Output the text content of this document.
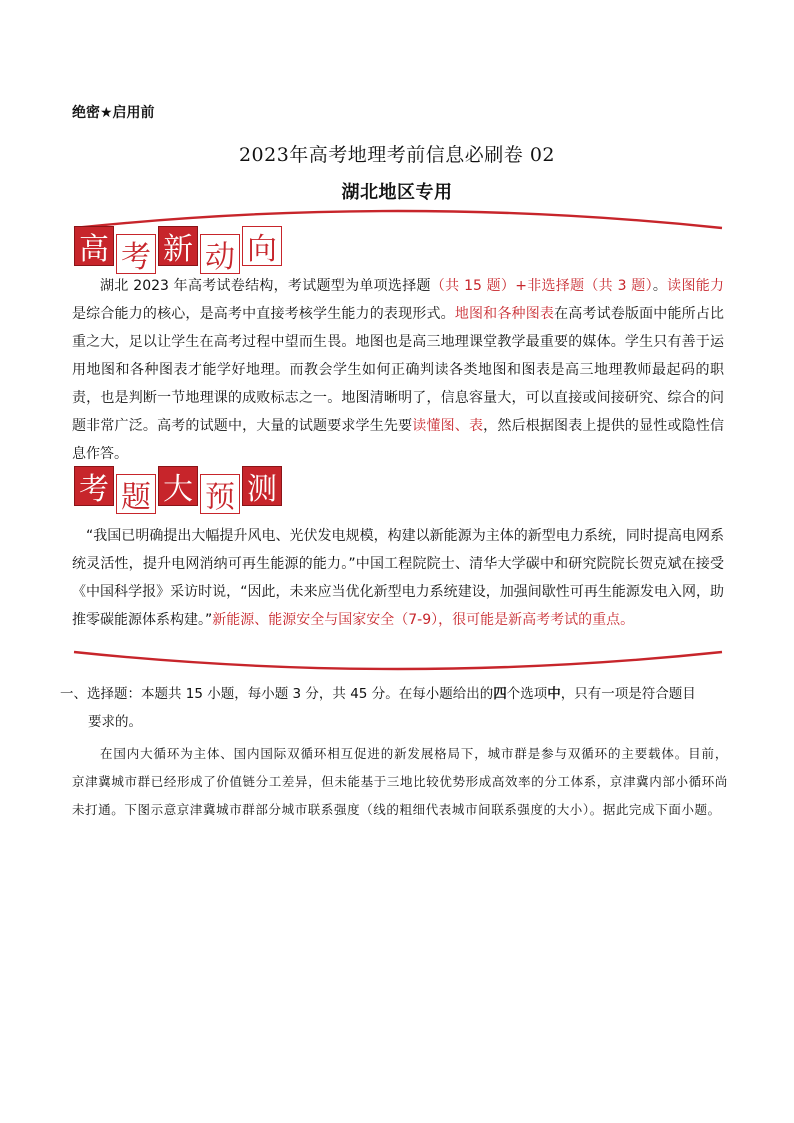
绝密★启用前
2023年高考地理考前信息必刷卷 02
湖北地区专用
高 考 新 动 向
湖北 2023 年高考试卷结构，考试题型为单项选择题（共 15 题）+非选择题（共 3 题）。读图能力是综合能力的核心，是高考中直接考核学生能力的表现形式。地图和各种图表在高考试卷版面中能所占比重之大，足以让学生在高考过程中望而生畏。地图也是高三地理课堂教学最重要的媒体。学生只有善于运用地图和各种图表才能学好地理。而教会学生如何正确判读各类地图和图表是高三地理教师最起码的职责，也是判断一节地理课的成败标志之一。地图清晰明了，信息容量大，可以直接或间接研究、综合的问题非常广泛。高考的试题中，大量的试题要求学生先要读懂图、表，然后根据图表上提供的显性或隐性信息作答。
考 题 大 预 测
“我国已明确提出大幅提升风电、光伏发电规模，构建以新能源为主体的新型电力系统，同时提高电网系统灵活性，提升电网消纳可再生能源的能力。”中国工程院院士、清华大学碳中和研究院院长贺克斌在接受《中国科学报》采访时说，“因此，未来应当优化新型电力系统建设，加强间歇性可再生能源发电入网，助推零碳能源体系构建。”新能源、能源安全与国家安全（7-9），很可能是新高考考试的重点。
一、选择题：本题共 15 小题，每小题 3 分，共 45 分。在每小题给出的四个选项中，只有一项是符合题目
要求的。
在国内大循环为主体、国内国际双循环相互促进的新发展格局下，城市群是参与双循环的主要载体。目前，京津冀城市群已经形成了价值链分工差异，但未能基于三地比较优势形成高效率的分工体系，京津冀内部小循环尚未打通。下图示意京津冀城市群部分城市联系强度（线的粗细代表城市间联系强度的大小）。据此完成下面小题。
